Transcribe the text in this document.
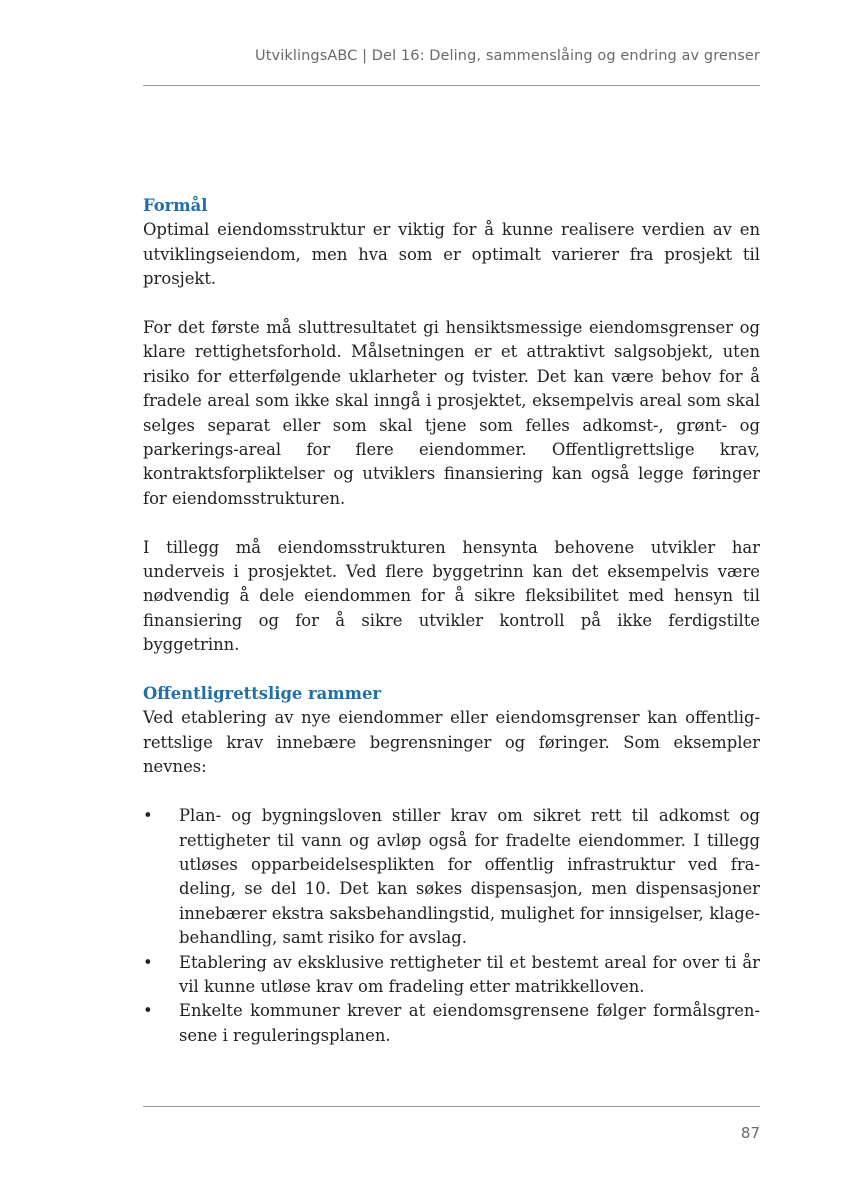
UtviklingsABC | Del 16: Deling, sammenslåing og endring av grenser
Formål

Optimal eiendomsstruktur er viktig for å kunne realisere verdien av en utviklingseiendom, men hva som er optimalt varierer fra prosjekt til prosjekt.

For det første må sluttresultatet gi hensiktsmessige eiendomsgrenser og klare rettighetsforhold. Målsetningen er et attraktivt salgsobjekt, uten risiko for etterfølgende uklarheter og tvister. Det kan være behov for å fradele areal som ikke skal inngå i prosjektet, eksempelvis areal som skal selges separat eller som skal tjene som felles adkomst-, grønt- og parkerings-areal for flere eiendommer. Offentligrettslige krav, kontraktsforpliktelser og utviklers finansiering kan også legge føringer for eiendomsstrukturen.

I tillegg må eiendomsstrukturen hensynta behovene utvikler har underveis i prosjektet. Ved flere byggetrinn kan det eksempelvis være nødvendig å dele eiendommen for å sikre fleksibilitet med hensyn til finansiering og for å sikre utvikler kontroll på ikke ferdigstilte byggetrinn.

Offentligrettslige rammer

Ved etablering av nye eiendommer eller eiendomsgrenser kan offentlig-rettslige krav innebære begrensninger og føringer. Som eksempler nevnes:

•	Plan- og bygningsloven stiller krav om sikret rett til adkomst og rettigheter til vann og avløp også for fradelte eiendommer. I tillegg utløses opparbeidelsesplikten for offentlig infrastruktur ved fra-deling, se del 10. Det kan søkes dispensasjon, men dispensasjoner innebærer ekstra saksbehandlingstid, mulighet for innsigelser, klage-behandling, samt risiko for avslag.
•	Etablering av eksklusive rettigheter til et bestemt areal for over ti år vil kunne utløse krav om fradeling etter matrikkelloven.
•	Enkelte kommuner krever at eiendomsgrensene følger formålsgren-sene i reguleringsplanen.
87
